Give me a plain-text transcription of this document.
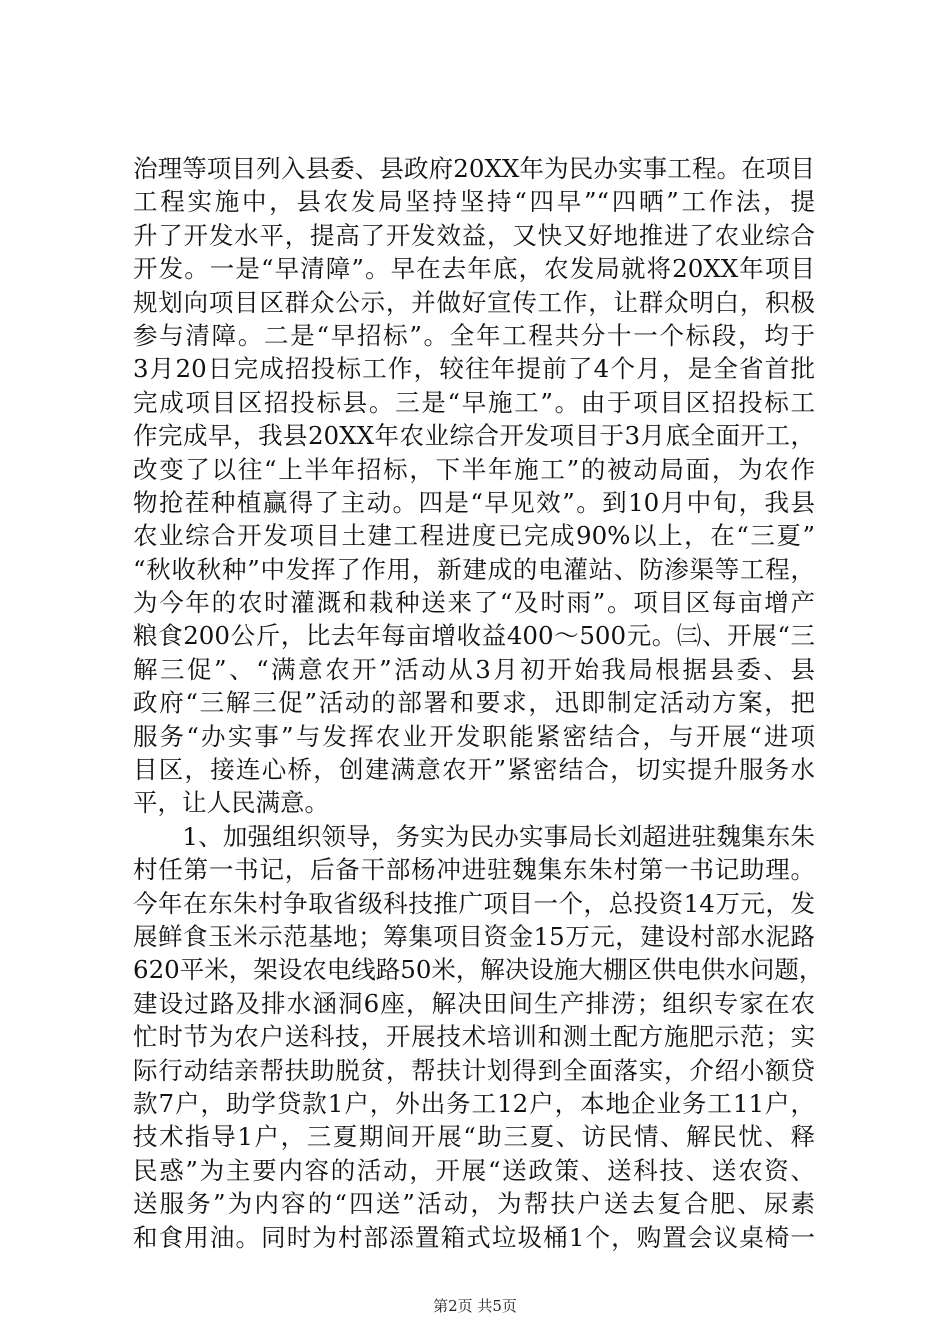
治理等项目列入县委、县政府20XX年为民办实事工程。在项目
工程实施中，县农发局坚持坚持“四早”“四晒”工作法，提
升了开发水平，提高了开发效益，又快又好地推进了农业综合
开发。一是“早清障”。早在去年底，农发局就将20XX年项目
规划向项目区群众公示，并做好宣传工作，让群众明白，积极
参与清障。二是“早招标”。全年工程共分十一个标段，均于
3月20日完成招投标工作，较往年提前了4个月，是全省首批
完成项目区招投标县。三是“早施工”。由于项目区招投标工
作完成早，我县20XX年农业综合开发项目于3月底全面开工，
改变了以往“上半年招标，下半年施工”的被动局面，为农作
物抢茬种植赢得了主动。四是“早见效”。到10月中旬，我县
农业综合开发项目土建工程进度已完成90%以上，在“三夏”
“秋收秋种”中发挥了作用，新建成的电灌站、防渗渠等工程，
为今年的农时灌溉和栽种送来了“及时雨”。项目区每亩增产
粮食200公斤，比去年每亩增收益400～500元。㈢、开展“三
解三促”、“满意农开”活动从3月初开始我局根据县委、县
政府“三解三促”活动的部署和要求，迅即制定活动方案，把
服务“办实事”与发挥农业开发职能紧密结合，与开展“进项
目区，接连心桥，创建满意农开”紧密结合，切实提升服务水
平，让人民满意。
　　1、加强组织领导，务实为民办实事局长刘超进驻魏集东朱
村任第一书记，后备干部杨冲进驻魏集东朱村第一书记助理。
今年在东朱村争取省级科技推广项目一个，总投资14万元，发
展鲜食玉米示范基地；筹集项目资金15万元，建设村部水泥路
620平米，架设农电线路50米，解决设施大棚区供电供水问题，
建设过路及排水涵洞6座，解决田间生产排涝；组织专家在农
忙时节为农户送科技，开展技术培训和测土配方施肥示范；实
际行动结亲帮扶助脱贫，帮扶计划得到全面落实，介绍小额贷
款7户，助学贷款1户，外出务工12户，本地企业务工11户，
技术指导1户，三夏期间开展“助三夏、访民情、解民忧、释
民惑”为主要内容的活动，开展“送政策、送科技、送农资、
送服务”为内容的“四送”活动，为帮扶户送去复合肥、尿素
和食用油。同时为村部添置箱式垃圾桶1个，购置会议桌椅一
第2页 共5页
